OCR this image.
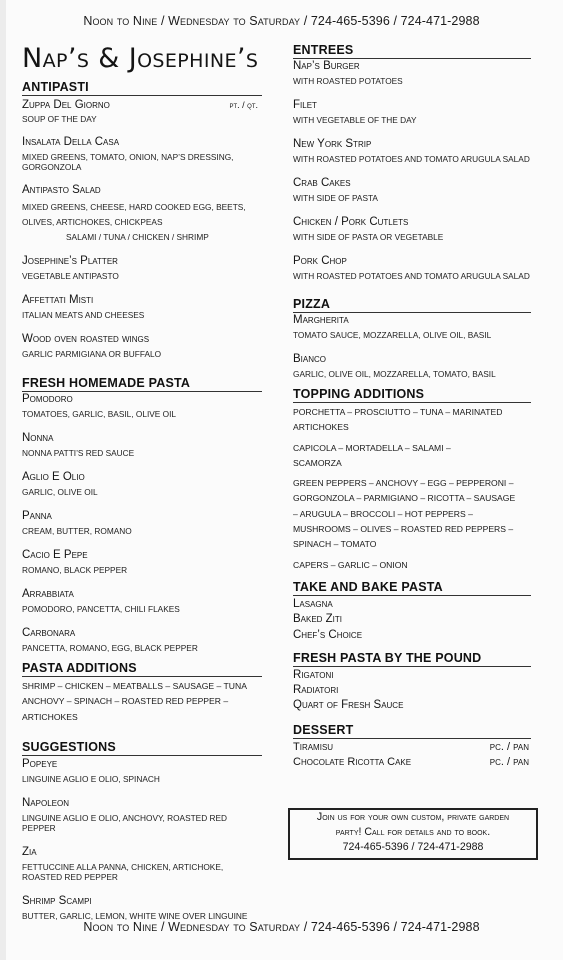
Noon to Nine / Wednesday to Saturday / 724-465-5396 / 724-471-2988
Nap’s & Josephine’s
ANTIPASTI
Zuppa Del Giorno	pt. / qt.
SOUP OF THE DAY
Insalata Della Casa
MIXED GREENS, TOMATO, ONION, NAP’S DRESSING, GORGONZOLA
Antipasto Salad
MIXED GREENS, CHEESE, HARD COOKED EGG, BEETS, OLIVES, ARTICHOKES, CHICKPEAS
SALAMI / TUNA / CHICKEN / SHRIMP
Josephine’s Platter
VEGETABLE ANTIPASTO
Affettati Misti
ITALIAN MEATS AND CHEESES
Wood oven roasted wings
GARLIC PARMIGIANA OR BUFFALO
FRESH HOMEMADE PASTA
Pomodoro
TOMATOES, GARLIC, BASIL, OLIVE OIL
Nonna
NONNA PATTI’S RED SAUCE
Aglio E Olio
GARLIC, OLIVE OIL
Panna
CREAM, BUTTER, ROMANO
Cacio E Pepe
ROMANO, BLACK PEPPER
Arrabbiata
POMODORO, PANCETTA, CHILI FLAKES
Carbonara
PANCETTA, ROMANO, EGG, BLACK PEPPER
PASTA ADDITIONS

SHRIMP – CHICKEN – MEATBALLS – SAUSAGE – TUNA

ANCHOVY – SPINACH – ROASTED RED PEPPER –

ARTICHOKES

SUGGESTIONS
Popeye
LINGUINE AGLIO E OLIO, SPINACH
Napoleon
LINGUINE AGLIO E OLIO, ANCHOVY, ROASTED RED PEPPER
Zia
FETTUCCINE ALLA PANNA, CHICKEN, ARTICHOKE, ROASTED RED PEPPER
Shrimp Scampi
BUTTER, GARLIC, LEMON, WHITE WINE OVER LINGUINE
ENTREES
Nap’s Burger
WITH ROASTED POTATOES
Filet
WITH VEGETABLE OF THE DAY
New York Strip
WITH ROASTED POTATOES AND TOMATO ARUGULA SALAD
Crab Cakes
WITH SIDE OF PASTA
Chicken / Pork Cutlets
WITH SIDE OF PASTA OR VEGETABLE
Pork Chop
WITH ROASTED POTATOES AND TOMATO ARUGULA SALAD
PIZZA
Margherita
TOMATO SAUCE, MOZZARELLA, OLIVE OIL, BASIL
Bianco
GARLIC, OLIVE OIL, MOZZARELLA, TOMATO, BASIL
TOPPING ADDITIONS

PORCHETTA – PROSCIUTTO – TUNA – MARINATED

ARTICHOKES

CAPICOLA – MORTADELLA – SALAMI –

SCAMORZA

GREEN PEPPERS – ANCHOVY – EGG – PEPPERONI –

GORGONZOLA – PARMIGIANO – RICOTTA – SAUSAGE

– ARUGULA – BROCCOLI – HOT PEPPERS –

MUSHROOMS – OLIVES – ROASTED RED PEPPERS –

SPINACH – TOMATO

CAPERS – GARLIC – ONION

TAKE AND BAKE PASTA
Lasagna
Baked Ziti
Chef’s Choice
FRESH PASTA BY THE POUND
Rigatoni
Radiatori
Quart of Fresh Sauce
DESSERT
Tiramisu	pc. / pan
Chocolate Ricotta Cake	pc. / pan
Join us for your own custom, private garden
party! Call for details and to book.
724-465-5396 / 724-471-2988
Noon to Nine / Wednesday to Saturday / 724-465-5396 / 724-471-2988
